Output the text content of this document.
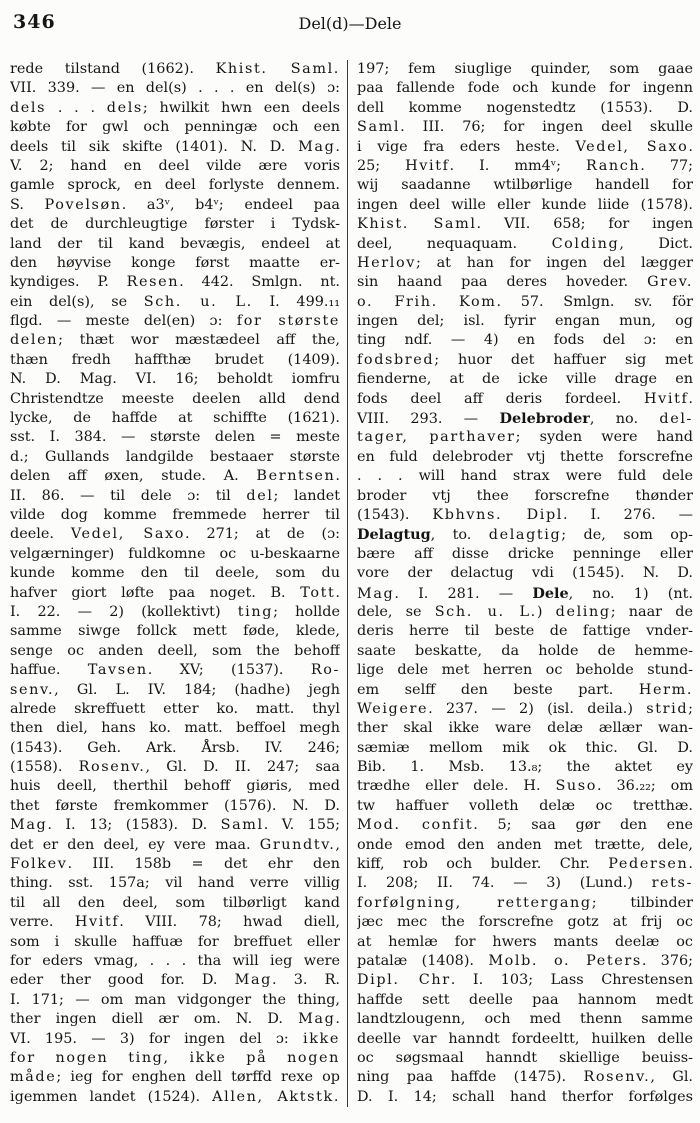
346	Del(d)—Dele
rede tilstand (1662). Khist. Saml.
VII. 339. — en del(s) . . . en del(s) ɔ:
dels . . . dels; hwilkit hwn een deels
købte for gwl och penningæ och een
deels til sik skifte (1401). N. D. Mag.
V. 2; hand en deel vilde ære voris
gamle sprock, en deel forlyste dennem.
S. Povelsøn. a3ᵛ, b4ᵛ; endeel paa
det de durchleugtige førster i Tydsk-
land der til kand bevægis, endeel at
den høyvise konge først maatte er-
kyndiges. P. Resen. 442. Smlgn. nt.
ein del(s), se Sch. u. L. I. 499.₁₁
flgd. — meste del(en) ɔ: for største
delen; thæt wor mæstædeel aff the,
thæn fredh haffthæ brudet (1409).
N. D. Mag. VI. 16; beholdt iomfru
Christendtze meeste deelen alld dend
lycke, de haffde at schiffte (1621).
sst. I. 384. — største delen = meste
d.; Gullands landgilde bestaaer største
delen aff øxen, stude. A. Berntsen.
II. 86. — til dele ɔ: til del; landet
vilde dog komme fremmede herrer til
deele. Vedel, Saxo. 271; at de (ɔ:
velgærninger) fuldkomne oc u-beskaarne
kunde komme den til deele, som du
hafver giort løfte paa noget. B. Tott.
I. 22. — 2) (kollektivt) ting; hollde
samme siwge follck mett føde, klede,
senge oc anden deell, som the behoff
haffue. Tavsen. XV; (1537). Ro-
senv., Gl. L. IV. 184; (hadhe) jegh
alrede skreffuett etter ko. matt. thyl
then diel, hans ko. matt. beffoel megh
(1543). Geh. Ark. Årsb. IV. 246;
(1558). Rosenv., Gl. D. II. 247; saa
huis deell, therthil behoff giøris, med
thet første fremkommer (1576). N. D.
Mag. I. 13; (1583). D. Saml. V. 155;
det er den deel, ey vere maa. Grundtv.,
Folkev. III. 158b = det ehr den
thing. sst. 157a; vil hand verre villig
til all den deel, som tilbørligt kand
verre. Hvitf. VIII. 78; hwad diell,
som i skulle haffuæ for breffuet eller
for eders vmag, . . . tha will ieg were
eder ther good for. D. Mag. 3. R.
I. 171; — om man vidgonger the thing,
ther ingen diell ær om. N. D. Mag.
VI. 195. — 3) for ingen del ɔ: ikke
for nogen ting, ikke på nogen
måde; ieg for enghen dell tørffd rexe op
igemmen landet (1524). Allen, Aktstk.
197; fem siuglige quinder, som gaae
paa fallende fode och kunde for ingenn
dell komme nogenstedtz (1553). D.
Saml. III. 76; for ingen deel skulle
i vige fra eders heste. Vedel, Saxo.
25; Hvitf. I. mm4ᵛ; Ranch. 77;
wij saadanne wtilbørlige handell for
ingen deel wille eller kunde liide (1578).
Khist. Saml. VII. 658; for ingen
deel, nequaquam. Colding, Dict.
Herlov; at han for ingen del lægger
sin haand paa deres hoveder. Grev.
o. Frih. Kom. 57. Smlgn. sv. för
ingen del; isl. fyrir engan mun, og
ting ndf. — 4) en fods del ɔ: en
fodsbred; huor det haffuer sig met
fienderne, at de icke ville drage en
fods deel aff deris fordeel. Hvitf.
VIII. 293. — Delebroder, no. del-
tager, parthaver; syden were hand
en fuld delebroder vtj thette forscrefne
. . . will hand strax were fuld dele
broder vtj thee forscrefne thønder
(1543). Kbhvns. Dipl. I. 276. —
Delagtug, to. delagtig; de, som op-
bære aff disse dricke penninge eller
vore der delactug vdi (1545). N. D.
Mag. I. 281. — Dele, no. 1) (nt.
dele, se Sch. u. L.) deling; naar de
deris herre til beste de fattige vnder-
saate beskatte, da holde de hemme-
lige dele met herren oc beholde stund-
em selff den beste part. Herm.
Weigere. 237. — 2) (isl. deila.) strid;
ther skal ikke ware delæ ællær wan-
sæmiæ mellom mik ok thic. Gl. D.
Bib. 1. Msb. 13.₈; the aktet ey
trædhe eller dele. H. Suso. 36.₂₂; om
tw haffuer volleth delæ oc tretthæ.
Mod. confit. 5; saa gør den ene
onde emod den anden met trætte, dele,
kiff, rob och bulder. Chr. Pedersen.
I. 208; II. 74. — 3) (Lund.) rets-
forfølgning, rettergang; tilbinder
jæc mec the forscrefne gotz at frij oc
at hemlæ for hwers mants deelæ oc
patalæ (1408). Molb. o. Peters. 376;
Dipl. Chr. I. 103; Lass Chrestensen
haffde sett deelle paa hannom medt
landtzlougenn, och med thenn samme
deelle var hanndt fordeeltt, huilken delle
oc søgsmaal hanndt skiellige beuiss-
ning paa haffde (1475). Rosenv., Gl.
D. I. 14; schall hand therfor forfølges
